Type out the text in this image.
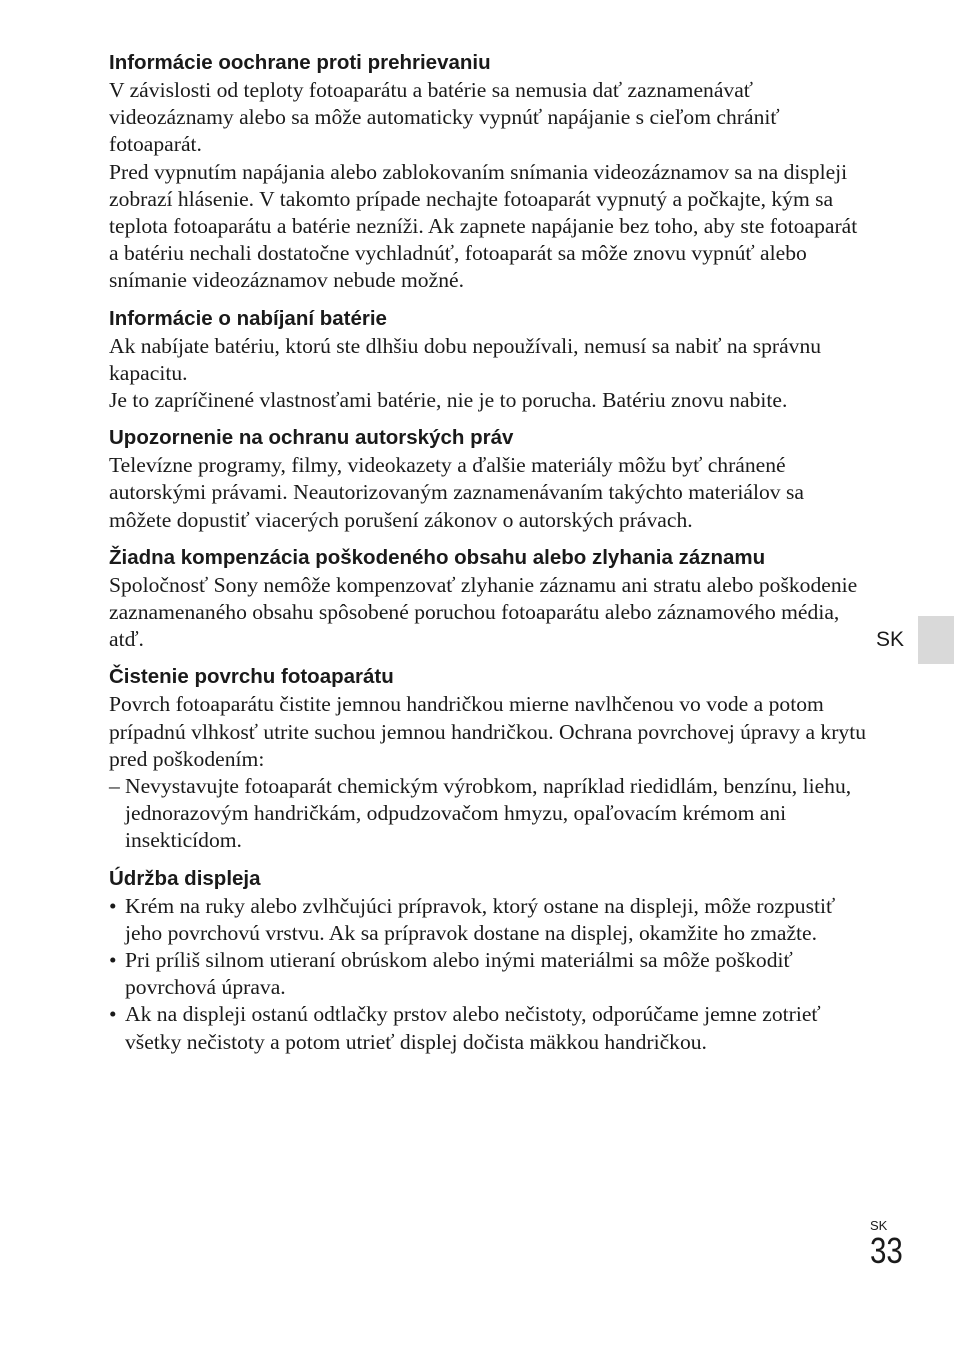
Informácie oochrane proti prehrievaniu

V závislosti od teploty fotoaparátu a batérie sa nemusia dať zaznamenávať videozáznamy alebo sa môže automaticky vypnúť napájanie s cieľom chrániť fotoaparát.

Pred vypnutím napájania alebo zablokovaním snímania videozáznamov sa na displeji zobrazí hlásenie. V takomto prípade nechajte fotoaparát vypnutý a počkajte, kým sa teplota fotoaparátu a batérie nezníži. Ak zapnete napájanie bez toho, aby ste fotoaparát a batériu nechali dostatočne vychladnúť, fotoaparát sa môže znovu vypnúť alebo snímanie videozáznamov nebude možné.

Informácie o nabíjaní batérie

Ak nabíjate batériu, ktorú ste dlhšiu dobu nepoužívali, nemusí sa nabiť na správnu kapacitu.

Je to zapríčinené vlastnosťami batérie, nie je to porucha. Batériu znovu nabite.

Upozornenie na ochranu autorských práv

Televízne programy, filmy, videokazety a ďalšie materiály môžu byť chránené autorskými právami. Neautorizovaným zaznamenávaním takýchto materiálov sa môžete dopustiť viacerých porušení zákonov o autorských právach.

Žiadna kompenzácia poškodeného obsahu alebo zlyhania záznamu

Spoločnosť Sony nemôže kompenzovať zlyhanie záznamu ani stratu alebo poškodenie zaznamenaného obsahu spôsobené poruchou fotoaparátu alebo záznamového média, atď.

Čistenie povrchu fotoaparátu

Povrch fotoaparátu čistite jemnou handričkou mierne navlhčenou vo vode a potom prípadnú vlhkosť utrite suchou jemnou handričkou. Ochrana povrchovej úpravy a krytu pred poškodením:

– Nevystavujte fotoaparát chemickým výrobkom, napríklad riedidlám, benzínu, liehu, jednorazovým handričkám, odpudzovačom hmyzu, opaľovacím krémom ani insekticídom.

Údržba displeja
• Krém na ruky alebo zvlhčujúci prípravok, ktorý ostane na displeji, môže rozpustiť jeho povrchovú vrstvu. Ak sa prípravok dostane na displej, okamžite ho zmažte.

• Pri príliš silnom utieraní obrúskom alebo inými materiálmi sa môže poškodiť povrchová úprava.

• Ak na displeji ostanú odtlačky prstov alebo nečistoty, odporúčame jemne zotrieť všetky nečistoty a potom utrieť displej dočista mäkkou handričkou.

SK
SK
33
